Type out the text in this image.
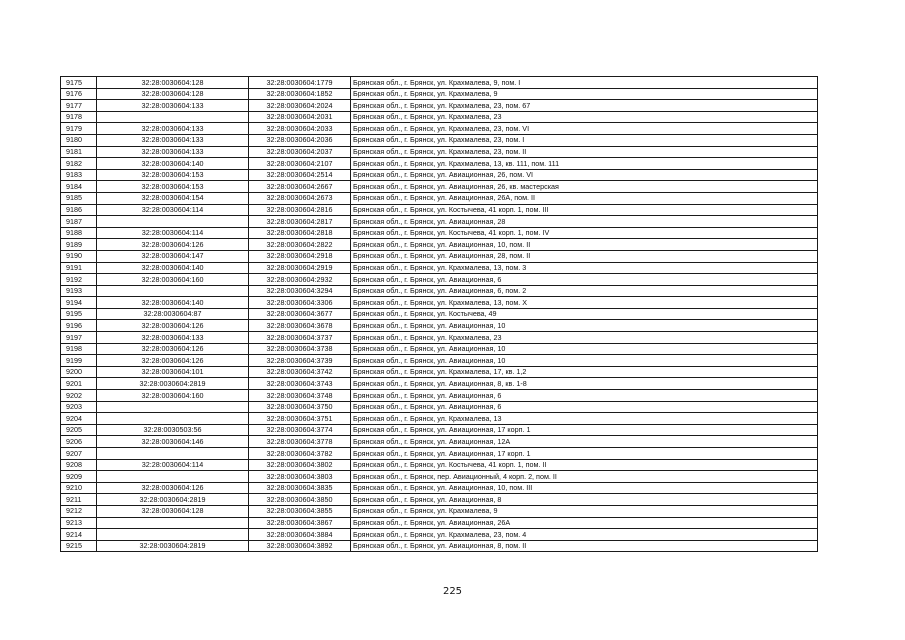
9175	32:28:0030604:128	32:28:0030604:1779	Брянская обл., г. Брянск, ул. Крахмалева, 9, пом. I
9176	32:28:0030604:128	32:28:0030604:1852	Брянская обл., г. Брянск, ул. Крахмалева, 9
9177	32:28:0030604:133	32:28:0030604:2024	Брянская обл., г. Брянск, ул. Крахмалева, 23, пом. 67
9178		32:28:0030604:2031	Брянская обл., г. Брянск, ул. Крахмалева, 23
9179	32:28:0030604:133	32:28:0030604:2033	Брянская обл., г. Брянск, ул. Крахмалева, 23, пом. VI
9180	32:28:0030604:133	32:28:0030604:2036	Брянская обл., г. Брянск, ул. Крахмалева, 23, пом. I
9181	32:28:0030604:133	32:28:0030604:2037	Брянская обл., г. Брянск, ул. Крахмалева, 23, пом. II
9182	32:28:0030604:140	32:28:0030604:2107	Брянская обл., г. Брянск, ул. Крахмалева, 13, кв. 111, пом. 111
9183	32:28:0030604:153	32:28:0030604:2514	Брянская обл., г. Брянск, ул. Авиационная, 26, пом. VI
9184	32:28:0030604:153	32:28:0030604:2667	Брянская обл., г. Брянск, ул. Авиационная, 26, кв. мастерская
9185	32:28:0030604:154	32:28:0030604:2673	Брянская обл., г. Брянск, ул. Авиационная, 26А, пом. II
9186	32:28:0030604:114	32:28:0030604:2816	Брянская обл., г. Брянск, ул. Костычева, 41 корп. 1, пом. III
9187		32:28:0030604:2817	Брянская обл., г. Брянск, ул. Авиационная, 28
9188	32:28:0030604:114	32:28:0030604:2818	Брянская обл., г. Брянск, ул. Костычева, 41 корп. 1, пом. IV
9189	32:28:0030604:126	32:28:0030604:2822	Брянская обл., г. Брянск, ул. Авиационная, 10, пом. II
9190	32:28:0030604:147	32:28:0030604:2918	Брянская обл., г. Брянск, ул. Авиационная, 28, пом. II
9191	32:28:0030604:140	32:28:0030604:2919	Брянская обл., г. Брянск, ул. Крахмалева, 13, пом. 3
9192	32:28:0030604:160	32:28:0030604:2932	Брянская обл., г. Брянск, ул. Авиационная, 6
9193		32:28:0030604:3294	Брянская обл., г. Брянск, ул. Авиационная, 6, пом. 2
9194	32:28:0030604:140	32:28:0030604:3306	Брянская обл., г. Брянск, ул. Крахмалева, 13, пом. X
9195	32:28:0030604:87	32:28:0030604:3677	Брянская обл., г. Брянск, ул. Костычева, 49
9196	32:28:0030604:126	32:28:0030604:3678	Брянская обл., г. Брянск, ул. Авиационная, 10
9197	32:28:0030604:133	32:28:0030604:3737	Брянская обл., г. Брянск, ул. Крахмалева, 23
9198	32:28:0030604:126	32:28:0030604:3738	Брянская обл., г. Брянск, ул. Авиационная, 10
9199	32:28:0030604:126	32:28:0030604:3739	Брянская обл., г. Брянск, ул. Авиационная, 10
9200	32:28:0030604:101	32:28:0030604:3742	Брянская обл., г. Брянск, ул. Крахмалева, 17, кв. 1,2
9201	32:28:0030604:2819	32:28:0030604:3743	Брянская обл., г. Брянск, ул. Авиационная, 8, кв. 1-8
9202	32:28:0030604:160	32:28:0030604:3748	Брянская обл., г. Брянск, ул. Авиационная, 6
9203		32:28:0030604:3750	Брянская обл., г. Брянск, ул. Авиационная, 6
9204		32:28:0030604:3751	Брянская обл., г. Брянск, ул. Крахмалева, 13
9205	32:28:0030503:56	32:28:0030604:3774	Брянская обл., г. Брянск, ул. Авиационная, 17 корп. 1
9206	32:28:0030604:146	32:28:0030604:3778	Брянская обл., г. Брянск, ул. Авиационная, 12А
9207		32:28:0030604:3782	Брянская обл., г. Брянск, ул. Авиационная, 17 корп. 1
9208	32:28:0030604:114	32:28:0030604:3802	Брянская обл., г. Брянск, ул. Костычева, 41 корп. 1, пом. II
9209		32:28:0030604:3803	Брянская обл., г. Брянск, пер. Авиационный, 4 корп. 2, пом. II
9210	32:28:0030604:126	32:28:0030604:3835	Брянская обл., г. Брянск, ул. Авиационная, 10, пом. III
9211	32:28:0030604:2819	32:28:0030604:3850	Брянская обл., г. Брянск, ул. Авиационная, 8
9212	32:28:0030604:128	32:28:0030604:3855	Брянская обл., г. Брянск, ул. Крахмалева, 9
9213		32:28:0030604:3867	Брянская обл., г. Брянск, ул. Авиационная, 26А
9214		32:28:0030604:3884	Брянская обл., г. Брянск, ул. Крахмалева, 23, пом. 4
9215	32:28:0030604:2819	32:28:0030604:3892	Брянская обл., г. Брянск, ул. Авиационная, 8, пом. II
225
